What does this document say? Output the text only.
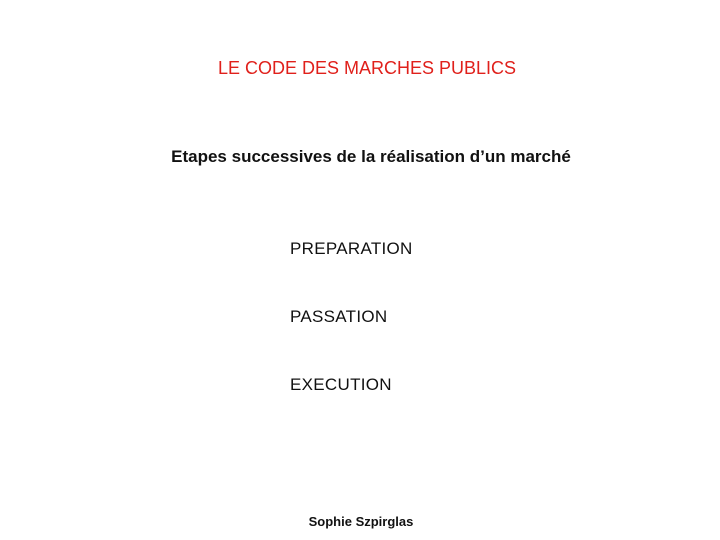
LE CODE DES MARCHES PUBLICS
Etapes successives de la réalisation d’un marché
PREPARATION
PASSATION
EXECUTION
Sophie Szpirglas
